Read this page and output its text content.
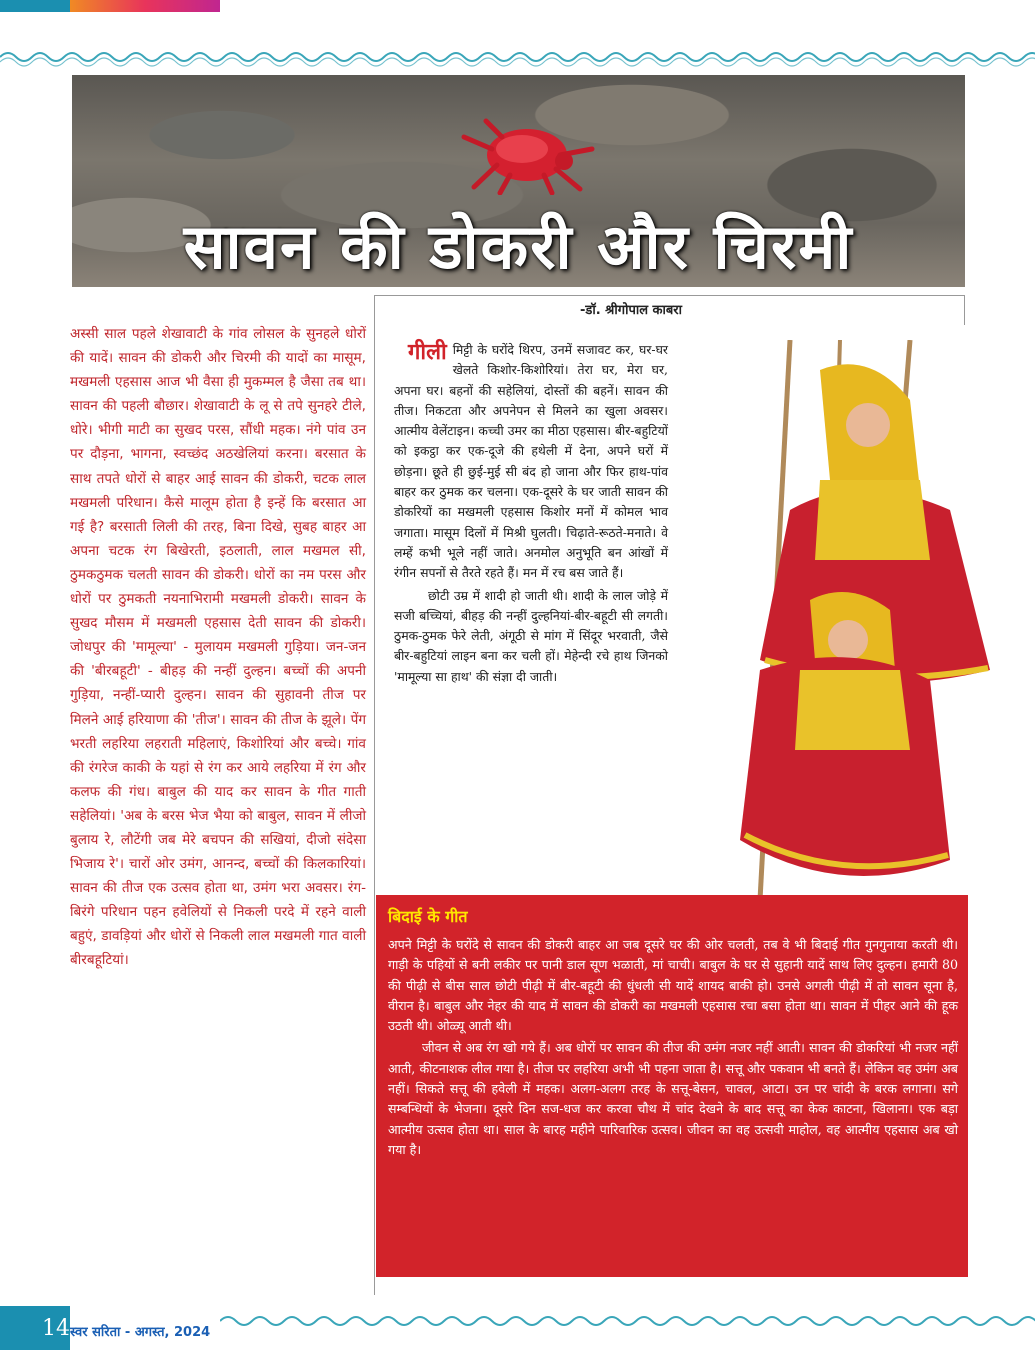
सावन की डोकरी और चिरमी
-डॉ. श्रीगोपाल काबरा
अस्सी साल पहले शेखावाटी के गांव लोसल के सुनहले धोरों की यादें। सावन की डोकरी और चिरमी की यादों का मासूम, मखमली एहसास आज भी वैसा ही मुकम्मल है जैसा तब था। सावन की पहली बौछार। शेखावाटी के लू से तपे सुनहरे टीले, धोरे। भीगी माटी का सुखद परस, सौंधी महक। नंगे पांव उन पर दौड़ना, भागना, स्वच्छंद अठखेलियां करना। बरसात के साथ तपते धोरों से बाहर आई सावन की डोकरी, चटक लाल मखमली परिधान। कैसे मालूम होता है इन्हें कि बरसात आ गई है? बरसाती लिली की तरह, बिना दिखे, सुबह बाहर आ अपना चटक रंग बिखेरती, इठलाती, लाल मखमल सी, ठुमकठुमक चलती सावन की डोकरी। धोरों का नम परस और धोरों पर ठुमकती नयनाभिरामी मखमली डोकरी। सावन के सुखद मौसम में मखमली एहसास देती सावन की डोकरी। जोधपुर की 'मामूल्या' - मुलायम मखमली गुड़िया। जन-जन की 'बीरबहूटी' - बीहड़ की नन्हीं दुल्हन। बच्चों की अपनी गुड़िया, नन्हीं-प्यारी दुल्हन। सावन की सुहावनी तीज पर मिलने आई हरियाणा की 'तीज'। सावन की तीज के झूले। पेंग भरती लहरिया लहराती महिलाएं, किशोरियां और बच्चे। गांव की रंगरेज काकी के यहां से रंग कर आये लहरिया में रंग और कलफ की गंध। बाबुल की याद कर सावन के गीत गाती सहेलियां। 'अब के बरस भेज भैया को बाबुल, सावन में लीजो बुलाय रे, लौटेंगी जब मेरे बचपन की सखियां, दीजो संदेसा भिजाय रे'। चारों ओर उमंग, आनन्द, बच्चों की किलकारियां। सावन की तीज एक उत्सव होता था, उमंग भरा अवसर। रंग-बिरंगे परिधान पहन हवेलियों से निकली परदे में रहने वाली बहुएं, डावड़ियां और धोरों से निकली लाल मखमली गात वाली बीरबहूटियां।
गीली मिट्टी के घरोंदे थिरप, उनमें सजावट कर, घर-घर खेलते किशोर-किशोरियां। तेरा घर, मेरा घर, अपना घर। बहनों की सहेलियां, दोस्तों की बहनें। सावन की तीज। निकटता और अपनेपन से मिलने का खुला अवसर। आत्मीय वेलेंटाइन। कच्ची उमर का मीठा एहसास। बीर-बहुटियों को इकट्ठा कर एक-दूजे की हथेली में देना, अपने घरों में छोड़ना। छूते ही छुई-मुई सी बंद हो जाना और फिर हाथ-पांव बाहर कर ठुमक कर चलना। एक-दूसरे के घर जाती सावन की डोकरियों का मखमली एहसास किशोर मनों में कोमल भाव जगाता। मासूम दिलों में मिश्री घुलती। चिढ़ाते-रूठते-मनाते। वे लम्हें कभी भूले नहीं जाते। अनमोल अनुभूति बन आंखों में रंगीन सपनों से तैरते रहते हैं। मन में रच बस जाते हैं।

छोटी उम्र में शादी हो जाती थी। शादी के लाल जोड़े में सजी बच्चियां, बीहड़ की नन्हीं दुल्हनियां-बीर-बहूटी सी लगती। ठुमक-ठुमक फेरे लेती, अंगूठी से मांग में सिंदूर भरवाती, जैसे बीर-बहुटियां लाइन बना कर चली हों। मेहेन्दी रचे हाथ जिनको 'मामूल्या सा हाथ' की संज्ञा दी जाती।

बिदाई के गीत

अपने मिट्टी के घरोंदे से सावन की डोकरी बाहर आ जब दूसरे घर की ओर चलती, तब वे भी बिदाई गीत गुनगुनाया करती थी। गाड़ी के पहियों से बनी लकीर पर पानी डाल सूण भळाती, मां चाची। बाबुल के घर से सुहानी यादें साथ लिए दुल्हन। हमारी 80 की पीढ़ी से बीस साल छोटी पीढ़ी में बीर-बहूटी की धुंधली सी यादें शायद बाकी हो। उनसे अगली पीढ़ी में तो सावन सूना है, वीरान है। बाबुल और नेहर की याद में सावन की डोकरी का मखमली एहसास रचा बसा होता था। सावन में पीहर आने की हूक उठती थी। ओळ्यू आती थी।

जीवन से अब रंग खो गये हैं। अब धोरों पर सावन की तीज की उमंग नजर नहीं आती। सावन की डोकरियां भी नजर नहीं आती, कीटनाशक लील गया है। तीज पर लहरिया अभी भी पहना जाता है। सत्तू और पकवान भी बनते हैं। लेकिन वह उमंग अब नहीं। सिकते सत्तू की हवेली में महक। अलग-अलग तरह के सत्तू-बेसन, चावल, आटा। उन पर चांदी के बरक लगाना। सगे सम्बन्धियों के भेजना। दूसरे दिन सज-धज कर करवा चौथ में चांद देखने के बाद सत्तू का केक काटना, खिलाना। एक बड़ा आत्मीय उत्सव होता था। साल के बारह महीने पारिवारिक उत्सव। जीवन का वह उत्सवी माहोल, वह आत्मीय एहसास अब खो गया है।

14 स्वर सरिता - अगस्त, 2024
